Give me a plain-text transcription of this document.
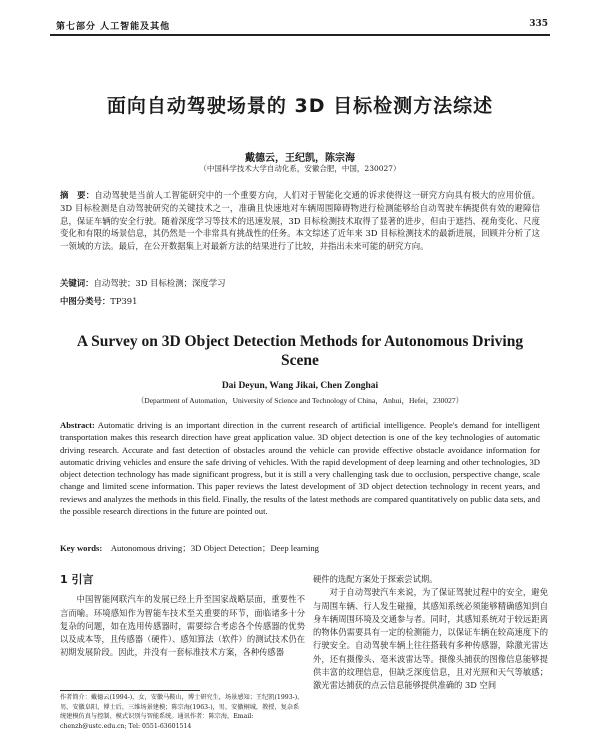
第七部分 人工智能及其他	335
面向自动驾驶场景的 3D 目标检测方法综述
戴德云，王纪凯，陈宗海
（中国科学技术大学自动化系，安徽合肥，中国，230027）
摘　要：自动驾驶是当前人工智能研究中的一个重要方向，人们对于智能化交通的诉求使得这一研究方向具有极大的应用价值。3D 目标检测是自动驾驶研究的关键技术之一，准确且快速地对车辆周围障碍物进行检测能够给自动驾驶车辆提供有效的避障信息，保证车辆的安全行驶。随着深度学习等技术的迅速发展，3D 目标检测技术取得了显著的进步，但由于遮挡、视角变化、尺度变化和有限的场景信息，其仍然是一个非常具有挑战性的任务。本文综述了近年来 3D 目标检测技术的最新进展，回顾并分析了这一领域的方法。最后，在公开数据集上对最新方法的结果进行了比较，并指出未来可能的研究方向。
关键词：自动驾驶；3D 目标检测；深度学习
中图分类号：TP391
A Survey on 3D Object Detection Methods for Autonomous Driving Scene
Dai Deyun, Wang Jikai, Chen Zonghai
（Department of Automation，University of Science and Technology of China，Anhui，Hefei，230027）
Abstract: Automatic driving is an important direction in the current research of artificial intelligence. People's demand for intelligent transportation makes this research direction have great application value. 3D object detection is one of the key technologies of automatic driving research. Accurate and fast detection of obstacles around the vehicle can provide effective obstacle avoidance information for automatic driving vehicles and ensure the safe driving of vehicles. With the rapid development of deep learning and other technologies, 3D object detection technology has made significant progress, but it is still a very challenging task due to occlusion, perspective change, scale change and limited scene information. This paper reviews the latest development of 3D object detection technology in recent years, and reviews and analyzes the methods in this field. Finally, the results of the latest methods are compared quantitatively on public data sets, and the possible research directions in the future are pointed out.
Key words: Autonomous driving；3D Object Detection；Deep learning
1 引言

中国智能网联汽车的发展已经上升至国家战略层面，重要性不言而喻。环境感知作为智能车技术至关重要的环节，面临诸多十分复杂的问题，如在选用传感器时，需要综合考虑各个传感器的优势以及成本等，且传感器（硬件）、感知算法（软件）的测试技术仍在初期发展阶段。因此，并没有一套标准技术方案，各种传感器

硬件的选配方案处于探索尝试期。

对于自动驾驶汽车来说，为了保证驾驶过程中的安全，避免与周围车辆、行人发生碰撞，其感知系统必须能够精确感知到自身车辆周围环境及交通参与者。同时，其感知系统对于较远距离的物体仍需要具有一定的检测能力，以保证车辆在较高速度下的行驶安全。自动驾驶车辆上往往搭载有多种传感器，除激光雷达外，还有摄像头、毫米波雷达等。摄像头捕获的图像信息能够提供丰富的纹理信息，但缺乏深度信息，且对光照和天气等敏感；激光雷达捕获的点云信息能够提供准确的 3D 空间

作者简介：戴德云(1994-)，女，安徽马鞍山，博士研究生，场景感知；王纪凯(1993-)，男，安徽阜阳，博士后，三维场景建模；陈宗海(1963-)，男，安徽桐城，教授，复杂系统建模仿真与控制、模式识别与智能系统。通讯作者：陈宗海，Email: chenzh@ustc.edu.cn; Tel: 0551-63601514
